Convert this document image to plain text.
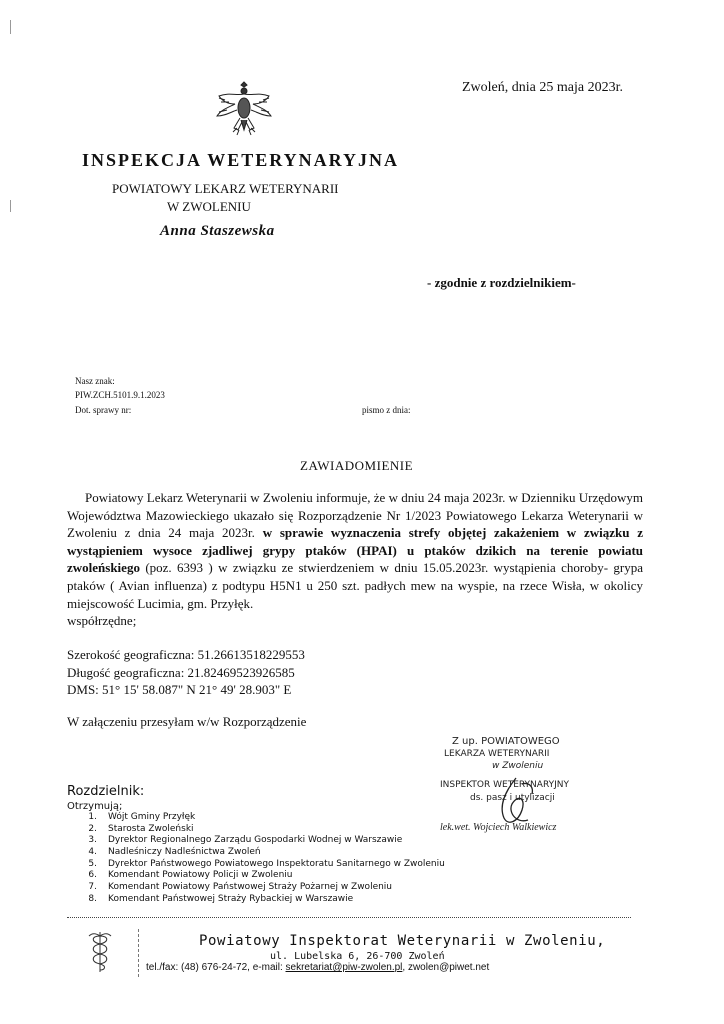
Zwoleń, dnia 25 maja 2023r.
INSPEKCJA WETERYNARYJNA
POWIATOWY LEKARZ WETERYNARII
W ZWOLENIU
Anna Staszewska
- zgodnie z rozdzielnikiem-
Nasz znak:
PIW.ZCH.5101.9.1.2023
Dot. sprawy nr:	pismo z dnia:
ZAWIADOMIENIE

Powiatowy Lekarz Weterynarii w Zwoleniu informuje, że w dniu 24 maja 2023r. w Dzienniku Urzędowym Województwa Mazowieckiego ukazało się Rozporządzenie Nr 1/2023 Powiatowego Lekarza Weterynarii w Zwoleniu z dnia 24 maja 2023r. w sprawie wyznaczenia strefy objętej zakażeniem w związku z wystąpieniem wysoce zjadliwej grypy ptaków (HPAI) u ptaków dzikich na terenie powiatu zwoleńskiego (poz. 6393 ) w związku ze stwierdzeniem w dniu 15.05.2023r. wystąpienia choroby- grypa ptaków ( Avian influenza) z podtypu H5N1 u 250 szt. padłych mew na wyspie, na rzece Wisła, w okolicy miejscowość Lucimia, gm. Przyłęk.

współrzędne;

Szerokość geograficzna: 51.26613518229553
Długość geograficzna: 21.82469523926585
DMS: 51° 15' 58.087" N 21° 49' 28.903" E
W załączeniu przesyłam w/w Rozporządzenie
Z up. POWIATOWEGO
LEKARZA WETERYNARII
w Zwoleniu
INSPEKTOR WETERYNARYJNY
ds. pasz i utylizacji
lek.wet. Wojciech Walkiewicz
Rozdzielnik:
Otrzymują;
1. Wójt Gminy Przyłęk
2. Starosta Zwoleński
3. Dyrektor Regionalnego Zarządu Gospodarki Wodnej w Warszawie
4. Nadleśniczy Nadleśnictwa Zwoleń
5. Dyrektor Państwowego Powiatowego Inspektoratu Sanitarnego w Zwoleniu
6. Komendant Powiatowy Policji w Zwoleniu
7. Komendant Powiatowy Państwowej Straży Pożarnej w Zwoleniu
8. Komendant Państwowej Straży Rybackiej w Warszawie
Powiatowy Inspektorat Weterynarii w Zwoleniu,
ul. Lubelska 6, 26-700 Zwoleń
tel./fax: (48) 676-24-72, e-mail: sekretariat@piw-zwolen.pl, zwolen@piwet.net
